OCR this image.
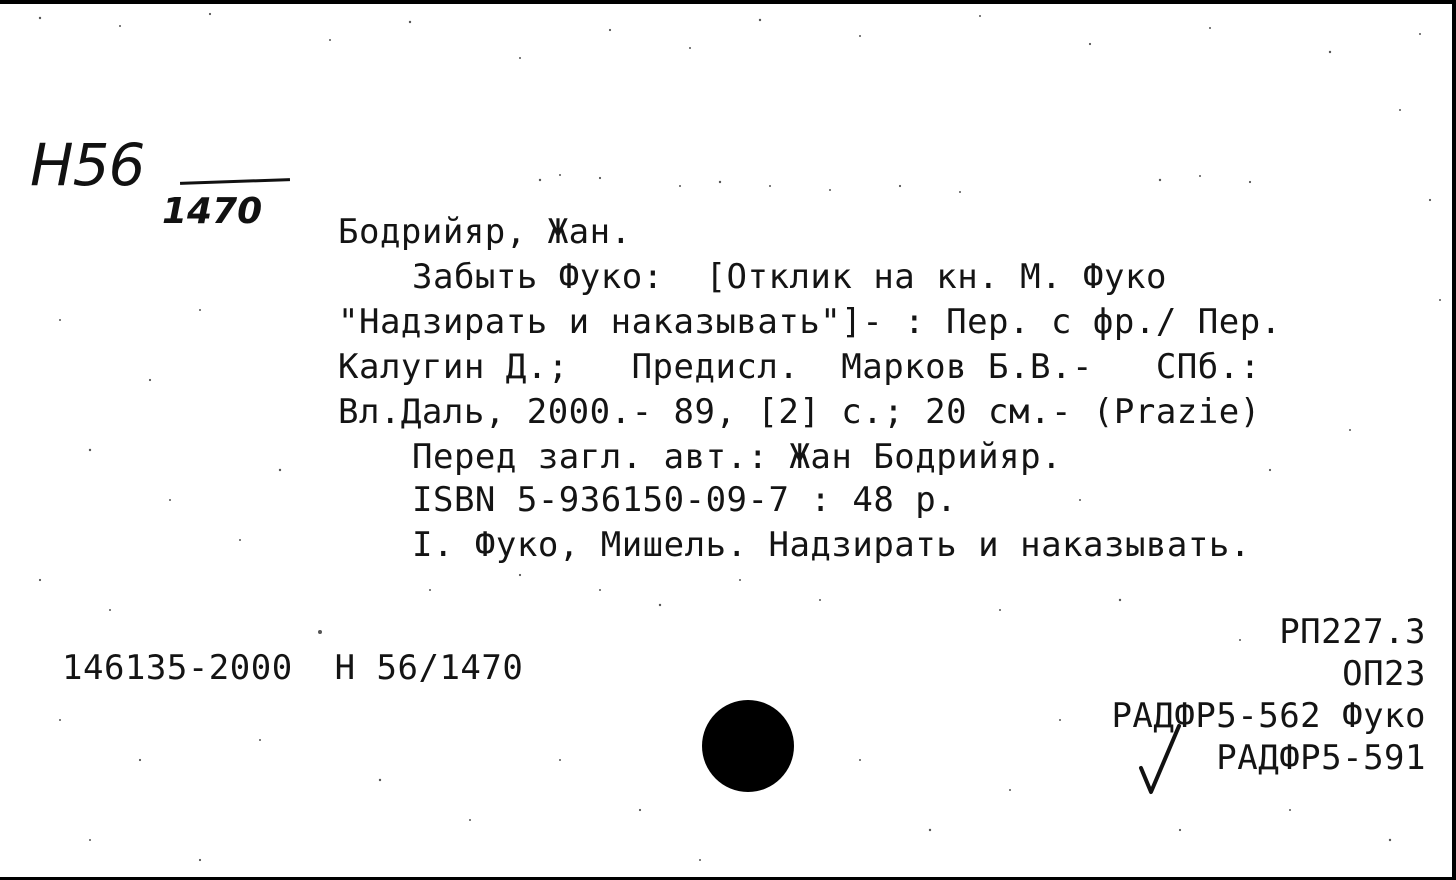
Н56
1470 Бодрийяр, Жан.
Забыть Фуко:  [Отклик на кн. М. Фуко
"Надзирать и наказывать"]- : Пер. с фр./ Пер.
Калугин Д.;   Предисл.  Марков Б.В.-   СПб.:
Вл.Даль, 2000.- 89, [2] с.; 20 см.- (Prazie)
Перед загл. авт.: Жан Бодрийяр.
ISBN 5-936150-09-7 : 48 р.
I. Фуко, Мишель. Надзирать и наказывать.
146135-2000  Н 56/1470
РП227.3
ОП23
РАДФР5-562 Фуко
РАДФР5-591
